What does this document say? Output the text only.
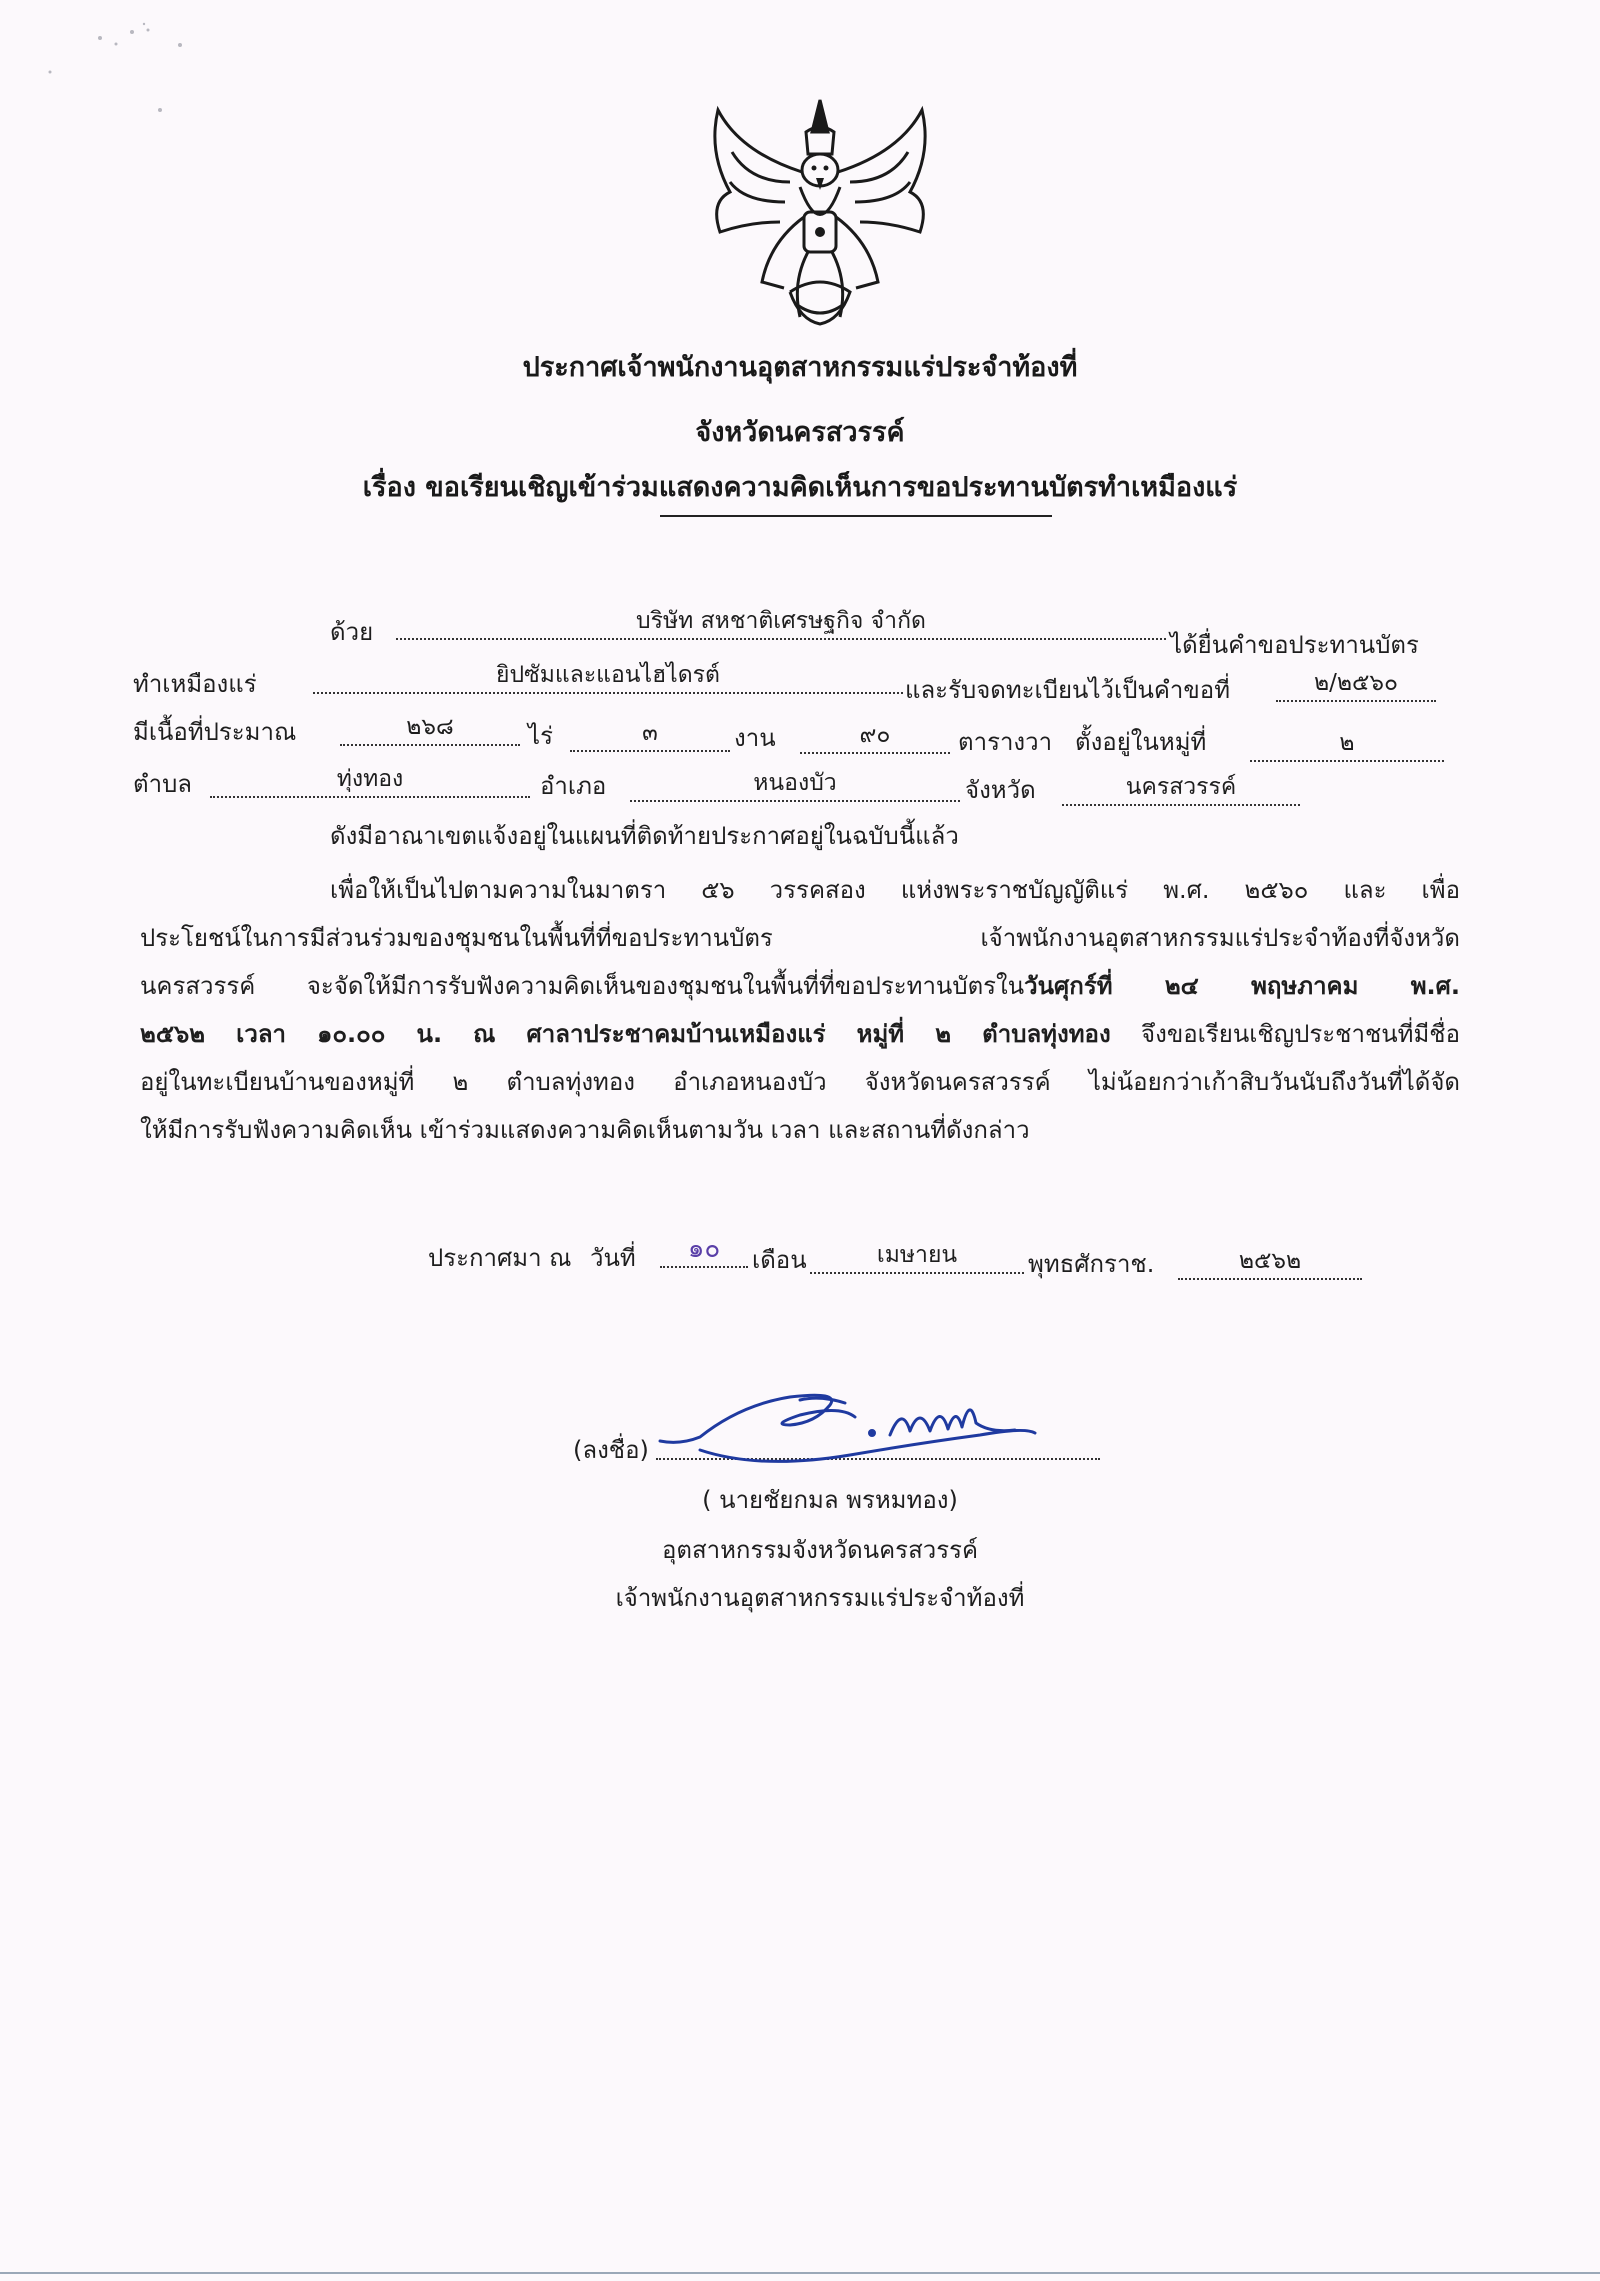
ประกาศเจ้าพนักงานอุตสาหกรรมแร่ประจำท้องที่
จังหวัดนครสวรรค์
เรื่อง ขอเรียนเชิญเข้าร่วมแสดงความคิดเห็นการขอประทานบัตรทำเหมืองแร่
ด้วย	บริษัท สหชาติเศรษฐกิจ จำกัด
ได้ยื่นคำขอประทานบัตร
ทำเหมืองแร่	ยิปซัมและแอนไฮไดรต์
และรับจดทะเบียนไว้เป็นคำขอที่	๒/๒๕๖๐
มีเนื้อที่ประมาณ	๒๖๘	ไร่	๓	งาน	๙๐	ตารางวา ตั้งอยู่ในหมู่ที่	๒
ตำบล	ทุ่งทอง	อำเภอ	หนองบัว	จังหวัด	นครสวรรค์
ดังมีอาณาเขตแจ้งอยู่ในแผนที่ติดท้ายประกาศอยู่ในฉบับนี้แล้ว
เพื่อให้เป็นไปตามความในมาตรา ๕๖ วรรคสอง แห่งพระราชบัญญัติแร่ พ.ศ. ๒๕๖๐ และ เพื่อ
ประโยชน์ในการมีส่วนร่วมของชุมชนในพื้นที่ที่ขอประทานบัตร เจ้าพนักงานอุตสาหกรรมแร่ประจำท้องที่จังหวัด
นครสวรรค์ จะจัดให้มีการรับฟังความคิดเห็นของชุมชนในพื้นที่ที่ขอประทานบัตรในวันศุกร์ที่ ๒๔ พฤษภาคม พ.ศ.
๒๕๖๒ เวลา ๑๐.๐๐ น. ณ ศาลาประชาคมบ้านเหมืองแร่ หมู่ที่ ๒ ตำบลทุ่งทอง จึงขอเรียนเชิญประชาชนที่มีชื่อ
อยู่ในทะเบียนบ้านของหมู่ที่ ๒ ตำบลทุ่งทอง อำเภอหนองบัว จังหวัดนครสวรรค์ ไม่น้อยกว่าเก้าสิบวันนับถึงวันที่ได้จัด
ให้มีการรับฟังความคิดเห็น เข้าร่วมแสดงความคิดเห็นตามวัน เวลา และสถานที่ดังกล่าว
ประกาศมา ณ วันที่	๑๐	เดือน	เมษายน	พุทธศักราช.	๒๕๖๒
(ลงชื่อ)
( นายชัยกมล พรหมทอง)
อุตสาหกรรมจังหวัดนครสวรรค์
เจ้าพนักงานอุตสาหกรรมแร่ประจำท้องที่
